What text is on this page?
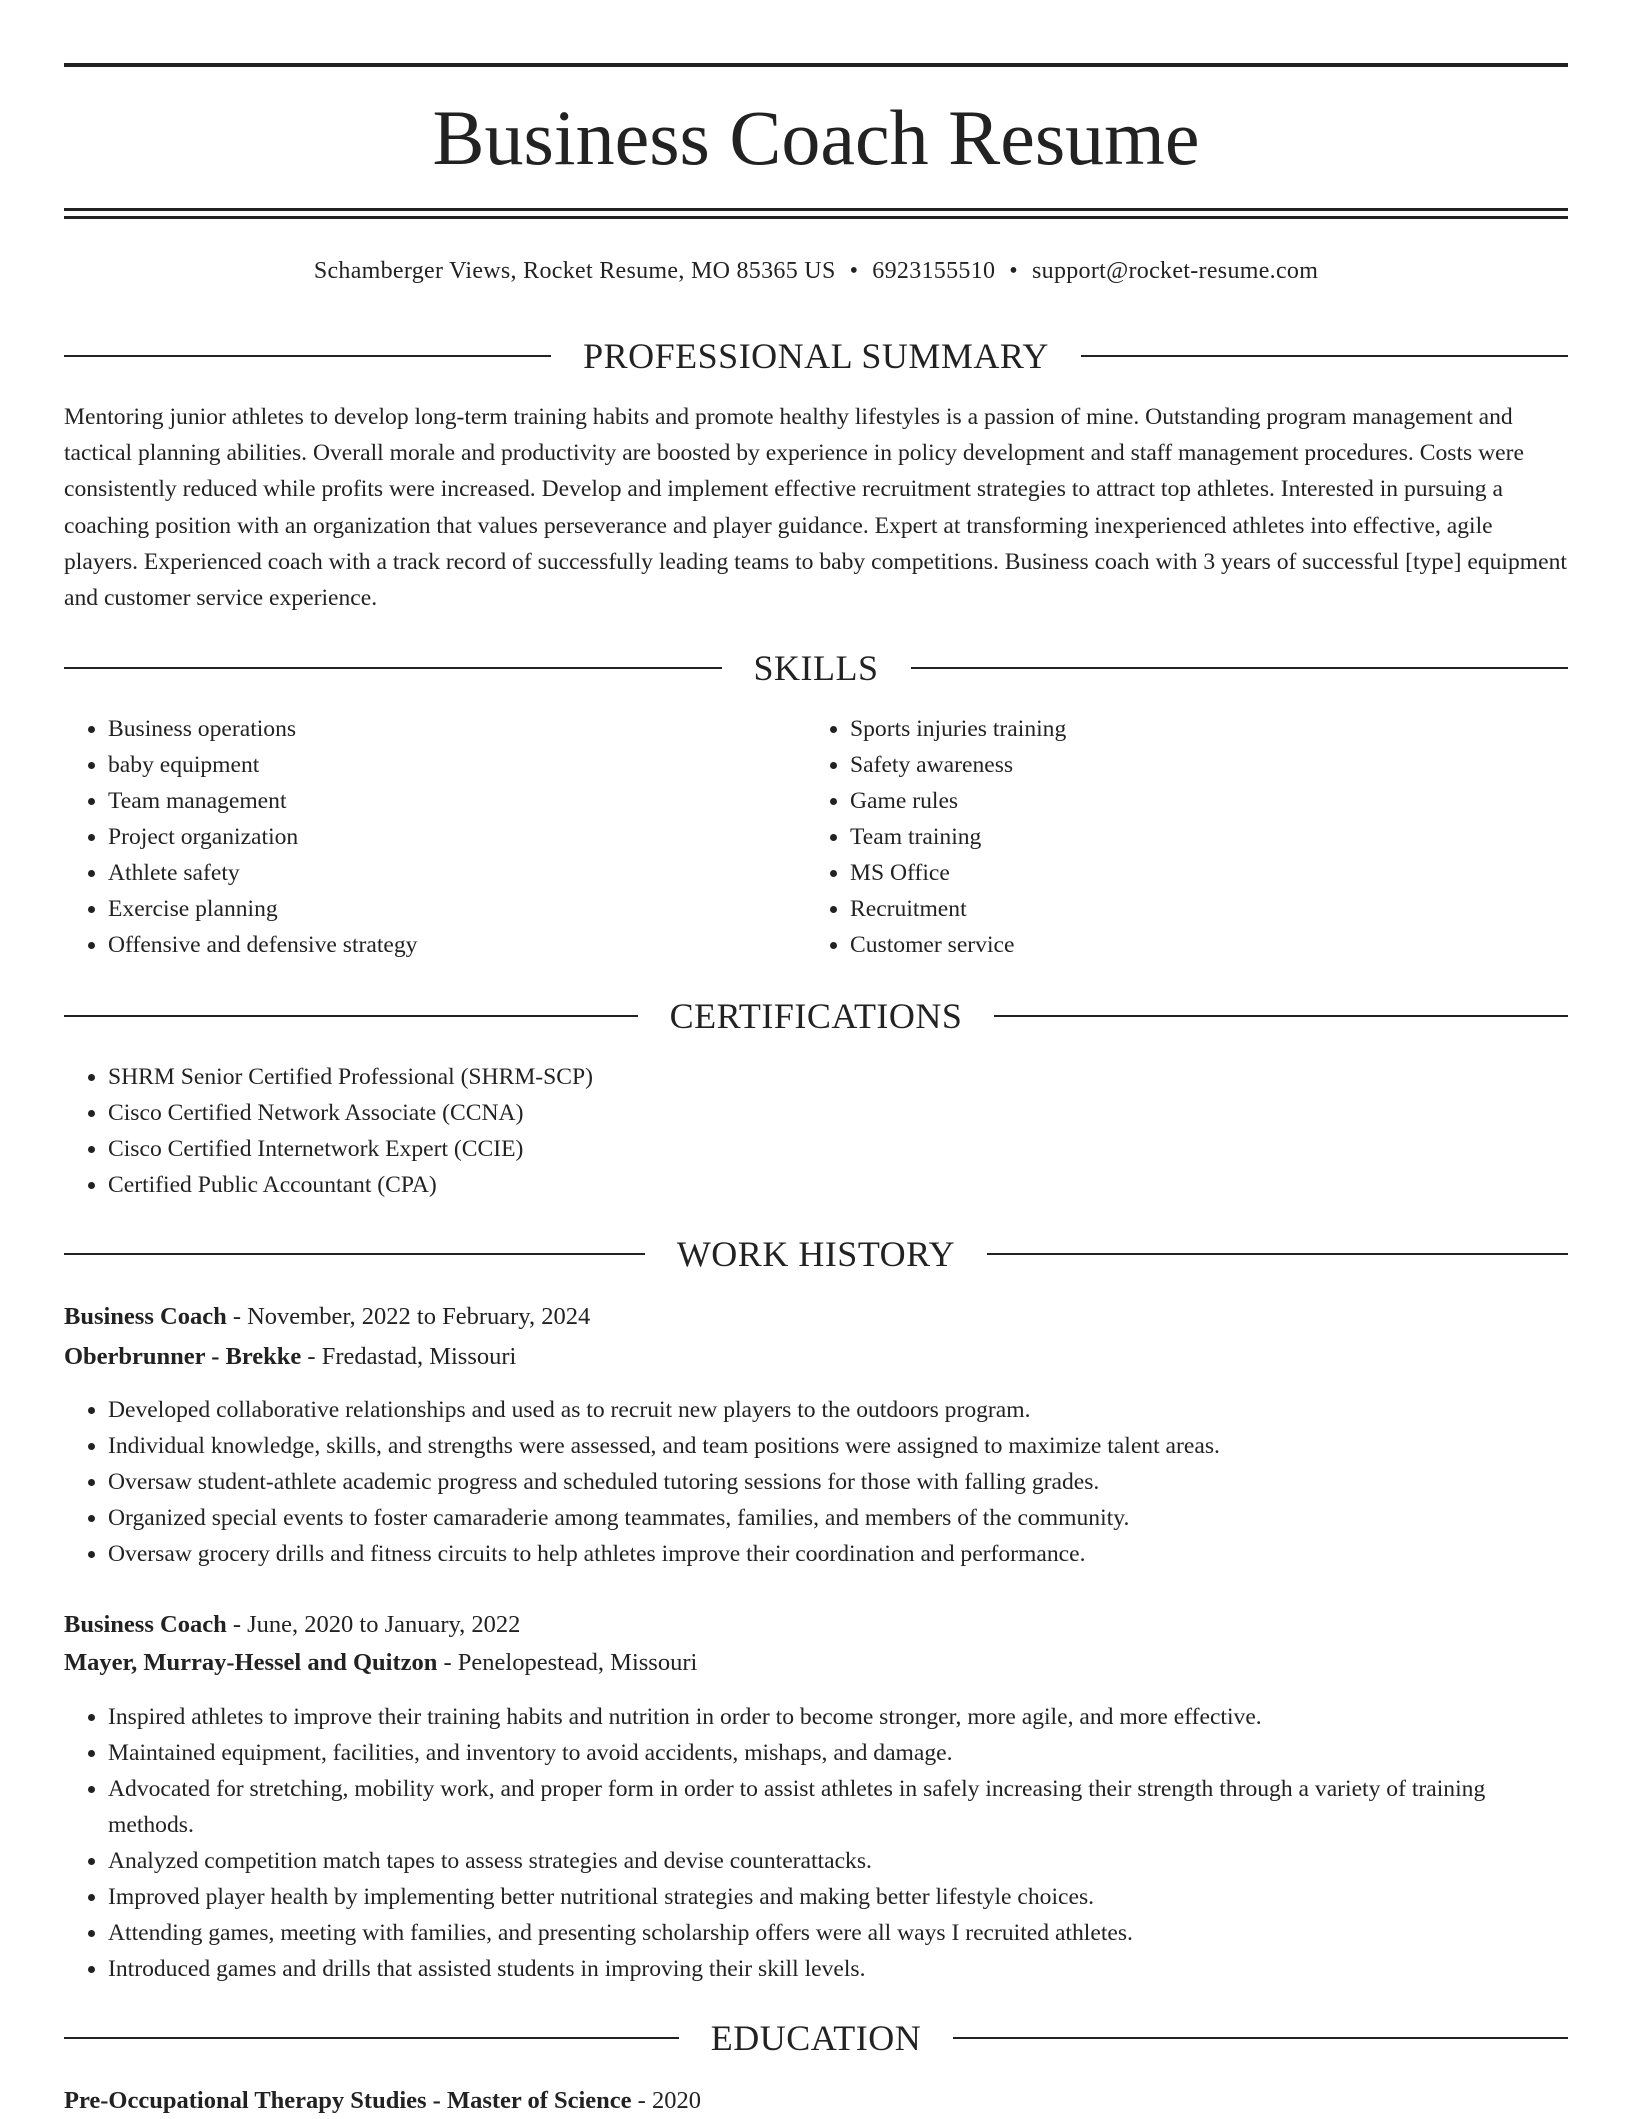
Business Coach Resume
Schamberger Views, Rocket Resume, MO 85365 US • 6923155510 • support@rocket-resume.com
PROFESSIONAL SUMMARY

Mentoring junior athletes to develop long-term training habits and promote healthy lifestyles is a passion of mine. Outstanding program management and tactical planning abilities. Overall morale and productivity are boosted by experience in policy development and staff management procedures. Costs were consistently reduced while profits were increased. Develop and implement effective recruitment strategies to attract top athletes. Interested in pursuing a coaching position with an organization that values perseverance and player guidance. Expert at transforming inexperienced athletes into effective, agile players. Experienced coach with a track record of successfully leading teams to baby competitions. Business coach with 3 years of successful [type] equipment and customer service experience.

SKILLS
• Business operations
• baby equipment
• Team management
• Project organization
• Athlete safety
• Exercise planning
• Offensive and defensive strategy
• Sports injuries training
• Safety awareness
• Game rules
• Team training
• MS Office
• Recruitment
• Customer service
CERTIFICATIONS
• SHRM Senior Certified Professional (SHRM-SCP)
• Cisco Certified Network Associate (CCNA)
• Cisco Certified Internetwork Expert (CCIE)
• Certified Public Accountant (CPA)
WORK HISTORY
Business Coach - November, 2022 to February, 2024
Oberbrunner - Brekke - Fredastad, Missouri
• Developed collaborative relationships and used as to recruit new players to the outdoors program.
• Individual knowledge, skills, and strengths were assessed, and team positions were assigned to maximize talent areas.
• Oversaw student-athlete academic progress and scheduled tutoring sessions for those with falling grades.
• Organized special events to foster camaraderie among teammates, families, and members of the community.
• Oversaw grocery drills and fitness circuits to help athletes improve their coordination and performance.
Business Coach - June, 2020 to January, 2022
Mayer, Murray-Hessel and Quitzon - Penelopestead, Missouri
• Inspired athletes to improve their training habits and nutrition in order to become stronger, more agile, and more effective.
• Maintained equipment, facilities, and inventory to avoid accidents, mishaps, and damage.
• Advocated for stretching, mobility work, and proper form in order to assist athletes in safely increasing their strength through a variety of training methods.
• Analyzed competition match tapes to assess strategies and devise counterattacks.
• Improved player health by implementing better nutritional strategies and making better lifestyle choices.
• Attending games, meeting with families, and presenting scholarship offers were all ways I recruited athletes.
• Introduced games and drills that assisted students in improving their skill levels.
EDUCATION
Pre-Occupational Therapy Studies - Master of Science - 2020
